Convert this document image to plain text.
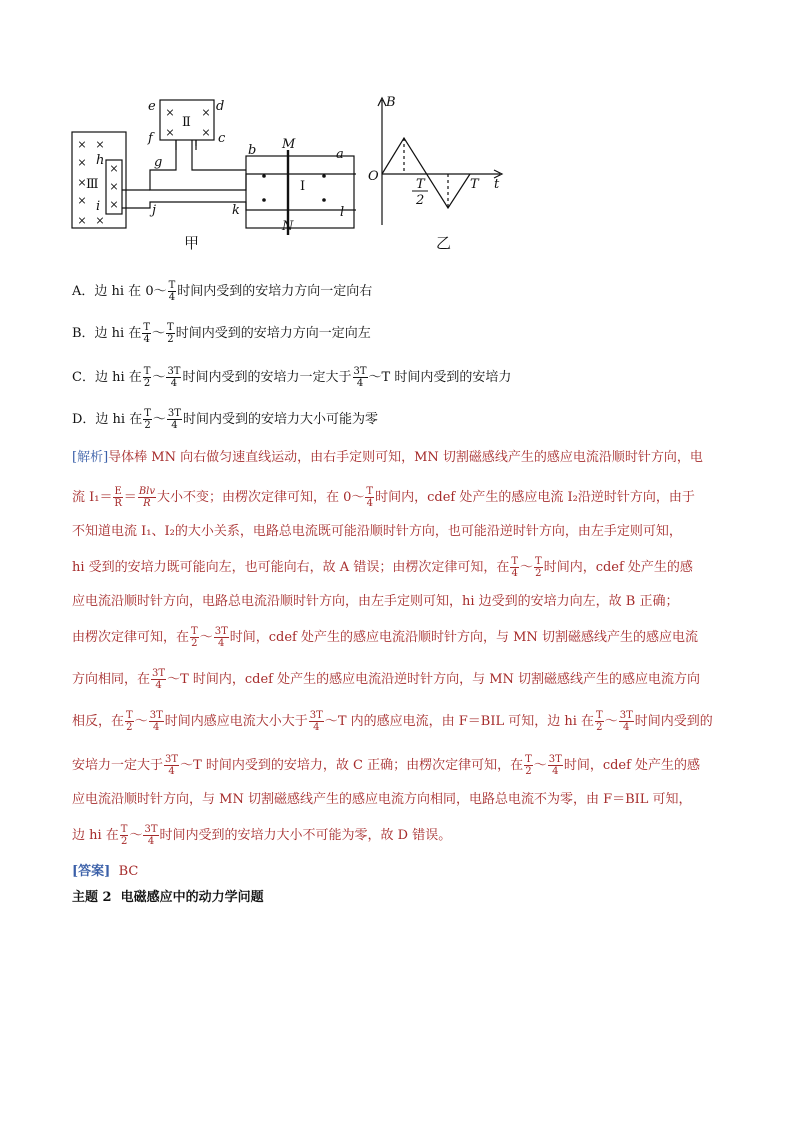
×
×
×
×
×
×
×
×
×
×
× ×
× ×
e	d
f	c
h
i
g
j
b
k
a
l
M
N
Ⅱ
Ⅲ	Ⅰ
甲
B
O
t
T
T
2
乙
A．边 hi 在 0～ $\frac{T}{4}$ 时间内受到的安培力方向一定向右
B．边 hi 在 $\frac{T}{4}$ ～ $\frac{T}{2}$ 时间内受到的安培力方向一定向左
C．边 hi 在 $\frac{T}{2}$ ～ $\frac{3T}{4}$ 时间内受到的安培力一定大于 $\frac{3T}{4}$ ～T 时间内受到的安培力
D．边 hi 在 $\frac{T}{2}$ ～ $\frac{3T}{4}$ 时间内受到的安培力大小可能为零
[解析]导体棒 MN 向右做匀速直线运动，由右手定则可知，MN 切割磁感线产生的感应电流沿顺时针方向，电
流 $I_1= \frac{E}{R} = \frac{\text{Blv}}{R}$ 大小不变；由楞次定律可知，在 0～ $\frac{T}{4}$ 时间内，cdef 处产生的感应电流 I₂沿逆时针方向，由于
不知道电流 I₁、I₂的大小关系，电路总电流既可能沿顺时针方向，也可能沿逆时针方向，由左手定则可知，
hi 受到的安培力既可能向左，也可能向右，故 A 错误；由楞次定律可知，在 $\frac{T}{4}$ ～ $\frac{T}{2}$ 时间内，cdef 处产生的感
应电流沿顺时针方向，电路总电流沿顺时针方向，由左手定则可知，hi 边受到的安培力向左，故 B 正确；
由楞次定律可知，在 $\frac{T}{2}$ ～ $\frac{3T}{4}$ 时间，cdef 处产生的感应电流沿顺时针方向，与 MN 切割磁感线产生的感应电流
方向相同，在 $\frac{3T}{4}$ ～T 时间内，cdef 处产生的感应电流沿逆时针方向，与 MN 切割磁感线产生的感应电流方向
相反，在 $\frac{T}{2}$ ～ $\frac{3T}{4}$ 时间内感应电流大小大于 $\frac{3T}{4}$ ～T 内的感应电流，由 F＝BIL 可知，边 hi 在 $\frac{T}{2}$ ～ $\frac{3T}{4}$ 时间内受到的
安培力一定大于 $\frac{3T}{4}$ ～T 时间内受到的安培力，故 C 正确；由楞次定律可知，在 $\frac{T}{2}$ ～ $\frac{3T}{4}$ 时间，cdef 处产生的感
应电流沿顺时针方向，与 MN 切割磁感线产生的感应电流方向相同，电路总电流不为零，由 F＝BIL 可知，
边 hi 在 $\frac{T}{2}$ ～ $\frac{3T}{4}$ 时间内受到的安培力大小不可能为零，故 D 错误。
[答案] BC
主题 2 电磁感应中的动力学问题
